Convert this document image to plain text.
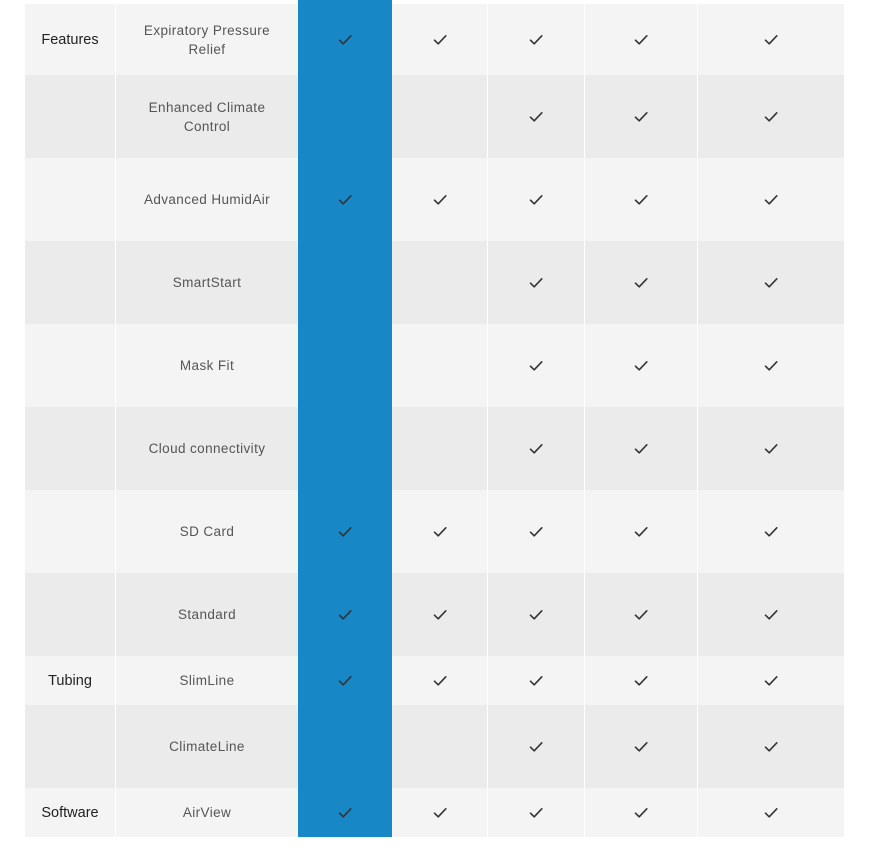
Features
Expiratory Pressure Relief
Enhanced Climate Control
Advanced HumidAir
SmartStart
Mask Fit
Cloud connectivity
SD Card
Standard
Tubing	SlimLine
ClimateLine
Software	AirView
